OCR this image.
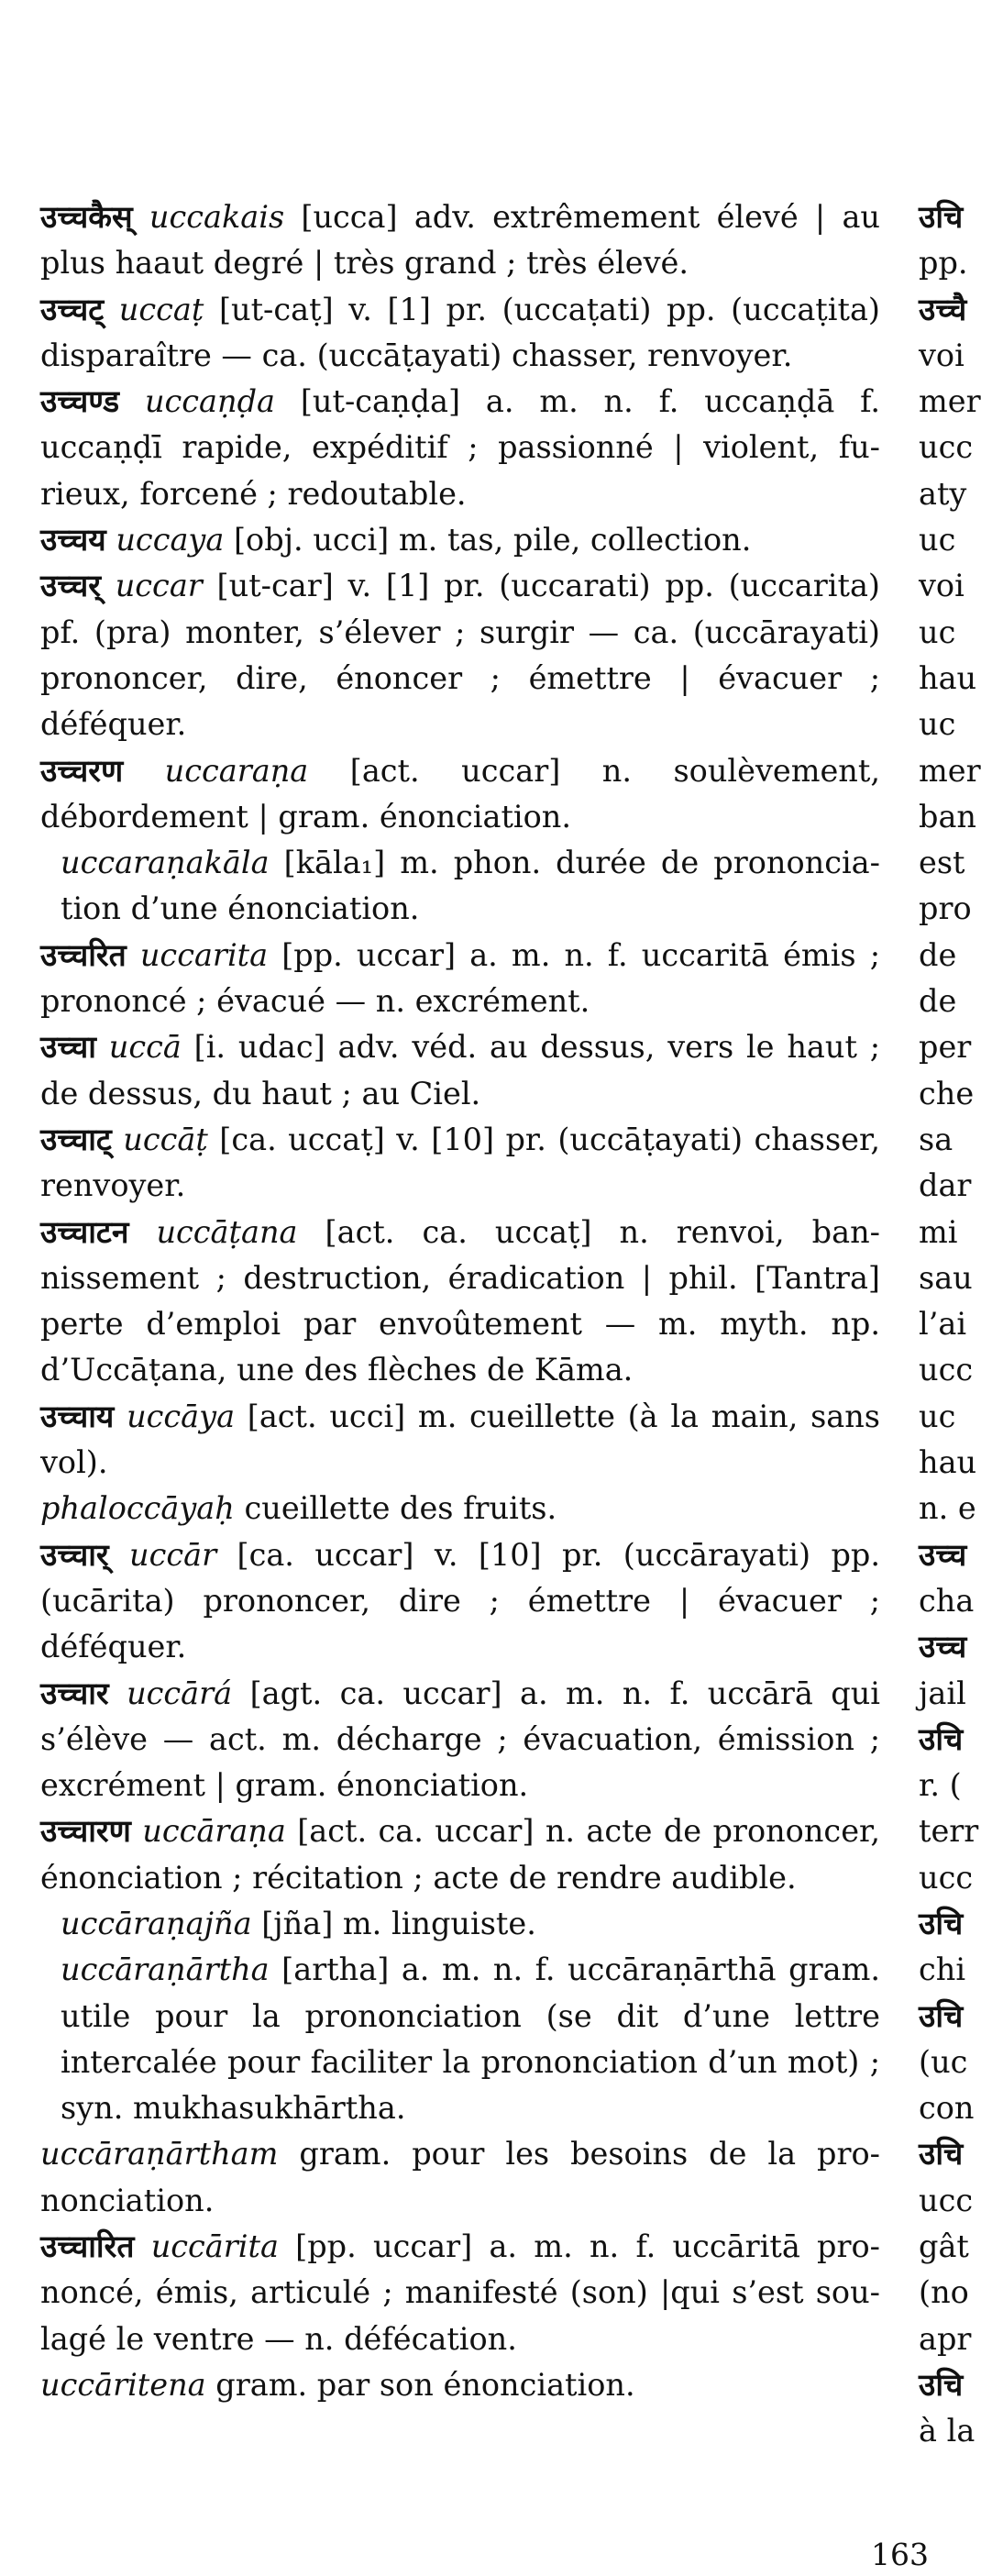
उच्चकैस् uccakais [ucca] adv. extrêmement élevé | au plus haaut degré | très grand ; très élevé.
उच्चट् uccaṭ [ut-caṭ] v. [1] pr. (uccaṭati) pp. (uccaṭita) disparaître — ca. (uccāṭayati) chasser, renvoyer.
उच्चण्ड uccaṇḍa [ut-caṇḍa] a. m. n. f. uccaṇḍā f. uccaṇḍī rapide, expéditif ; passionné | violent, furieux, forcené ; redoutable.
उच्चय uccaya [obj. ucci] m. tas, pile, collection.
उच्चर् uccar [ut-car] v. [1] pr. (uccarati) pp. (uccarita) pf. (pra) monter, s’élever ; surgir — ca. (uccārayati) prononcer, dire, énoncer ; émettre | évacuer ; déféquer.
उच्चरण uccaraṇa [act. uccar] n. soulèvement, débordement | gram. énonciation.
uccaraṇakāla [kāla₁] m. phon. durée de prononciation d’une énonciation.
उच्चरित uccarita [pp. uccar] a. m. n. f. uccaritā émis ; prononcé ; évacué — n. excrément.
उच्चा uccā [i. udac] adv. véd. au dessus, vers le haut ; de dessus, du haut ; au Ciel.
उच्चाट् uccāṭ [ca. uccaṭ] v. [10] pr. (uccāṭayati) chasser, renvoyer.
उच्चाटन uccāṭana [act. ca. uccaṭ] n. renvoi, bannissement ; destruction, éradication | phil. [Tantra] perte d’emploi par envoûtement — m. myth. np. d’Uccāṭana, une des flèches de Kāma.
उच्चाय uccāya [act. ucci] m. cueillette (à la main, sans vol).
phaloccāyaḥ cueillette des fruits.
उच्चार् uccār [ca. uccar] v. [10] pr. (uccārayati) pp. (ucārita) prononcer, dire ; émettre | évacuer ; déféquer.
उच्चार uccārá [agt. ca. uccar] a. m. n. f. uccārā qui s’élève — act. m. décharge ; évacuation, émission ; excrément | gram. énonciation.
उच्चारण uccāraṇa [act. ca. uccar] n. acte de prononcer, énonciation ; récitation ; acte de rendre audible.
uccāraṇajña [jña] m. linguiste.
uccāraṇārtha [artha] a. m. n. f. uccāraṇārthā gram. utile pour la prononciation (se dit d’une lettre intercalée pour faciliter la prononciation d’un mot) ; syn. mukhasukhārtha.
uccāraṇārtham gram. pour les besoins de la prononciation.
उच्चारित uccārita [pp. uccar] a. m. n. f. uccāritā prononcé, émis, articulé ; manifesté (son) |qui s’est soulagé le ventre — n. défécation.
uccāritena gram. par son énonciation.
उचि
pp.
उच्चै
voi
mer
ucc
aty
uc
voi
uc
hau
uc
mer
ban
est
pro
de
de
per
che
sa
dar
mi
sau
l’ai
ucc
uc
hau
n. e
उच्च
cha
उच्च
jail
उचि
r. (
terr
ucc
उचि
chi
उचि
(uc
con
उचि
ucc
gât
(no
apr
उचि
à la
163
